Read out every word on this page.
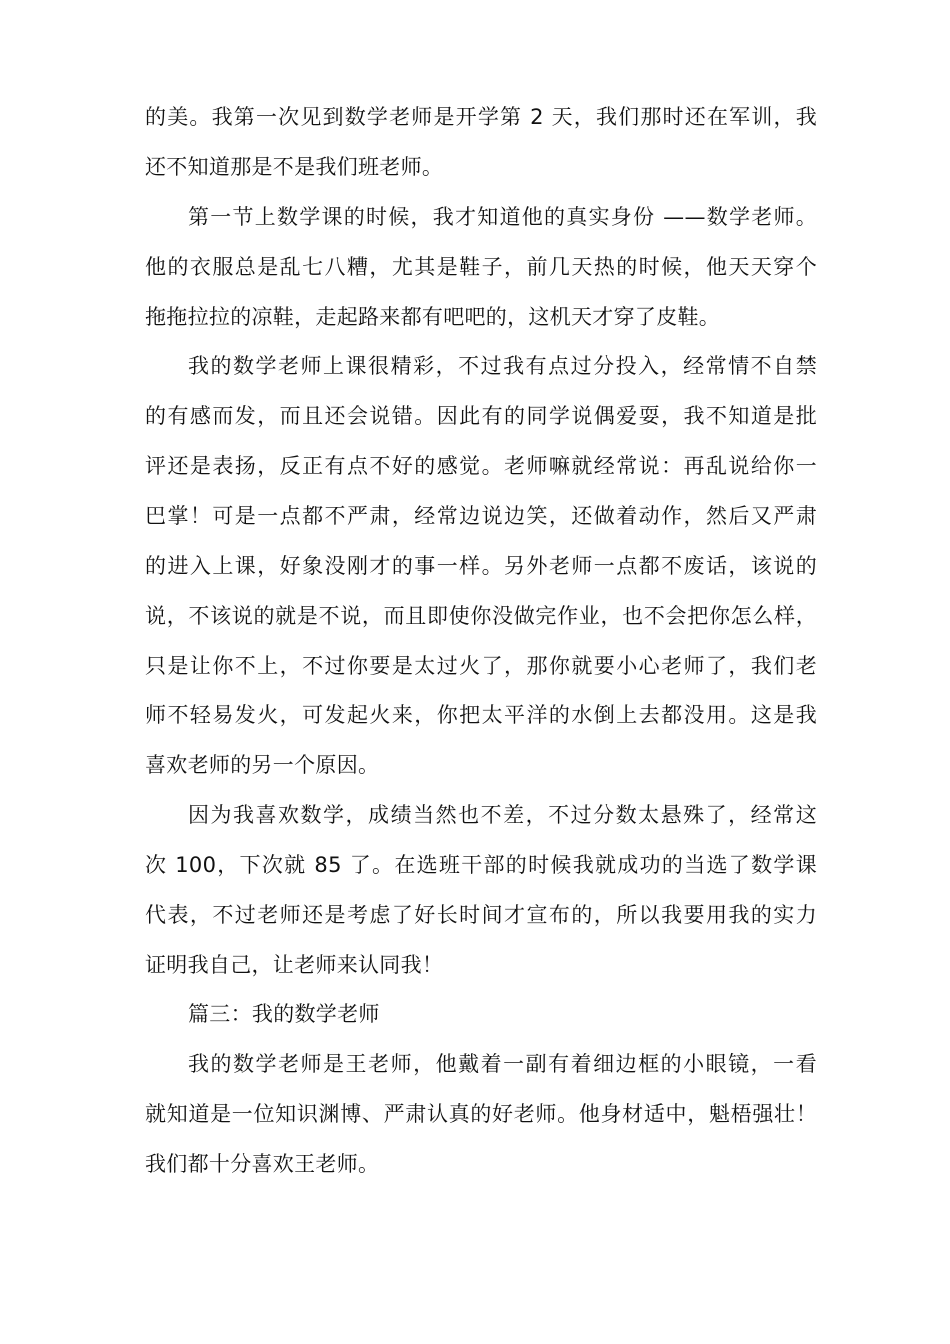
的美。我第一次见到数学老师是开学第 2 天，我们那时还在军训，我
还不知道那是不是我们班老师。
第一节上数学课的时候，我才知道他的真实身份 ——数学老师。
他的衣服总是乱七八糟，尤其是鞋子，前几天热的时候，他天天穿个
拖拖拉拉的凉鞋，走起路来都有吧吧的，这机天才穿了皮鞋。
我的数学老师上课很精彩，不过我有点过分投入，经常情不自禁
的有感而发，而且还会说错。因此有的同学说偶爱耍，我不知道是批
评还是表扬，反正有点不好的感觉。老师嘛就经常说：再乱说给你一
巴掌！可是一点都不严肃，经常边说边笑，还做着动作，然后又严肃
的进入上课，好象没刚才的事一样。另外老师一点都不废话，该说的
说，不该说的就是不说，而且即使你没做完作业，也不会把你怎么样，
只是让你不上，不过你要是太过火了，那你就要小心老师了，我们老
师不轻易发火，可发起火来，你把太平洋的水倒上去都没用。这是我
喜欢老师的另一个原因。
因为我喜欢数学，成绩当然也不差，不过分数太悬殊了，经常这
次 100，下次就 85 了。在选班干部的时候我就成功的当选了数学课
代表，不过老师还是考虑了好长时间才宣布的，所以我要用我的实力
证明我自己，让老师来认同我！
篇三：我的数学老师
我的数学老师是王老师，他戴着一副有着细边框的小眼镜，一看
就知道是一位知识渊博、严肃认真的好老师。他身材适中，魁梧强壮！
我们都十分喜欢王老师。
